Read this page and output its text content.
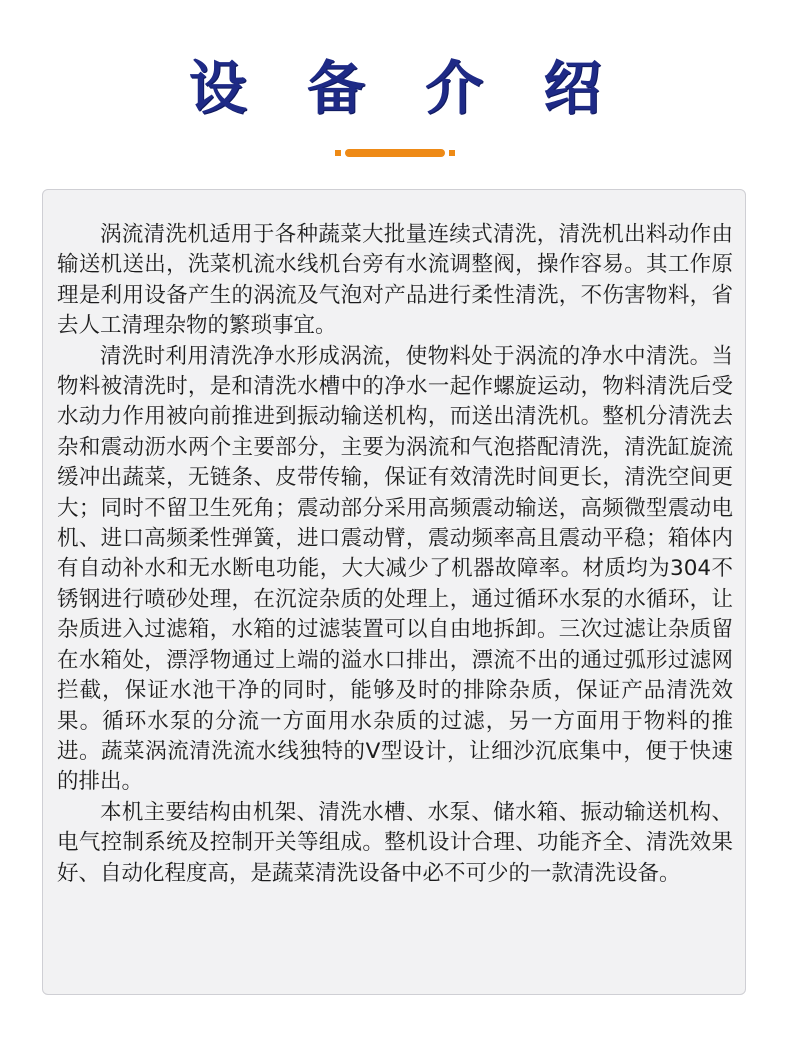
设 备 介 绍

涡流清洗机适用于各种蔬菜大批量连续式清洗，清洗机出料动作由输送机送出，洗菜机流水线机台旁有水流调整阀，操作容易。其工作原理是利用设备产生的涡流及气泡对产品进行柔性清洗，不伤害物料，省去人工清理杂物的繁琐事宜。

清洗时利用清洗净水形成涡流，使物料处于涡流的净水中清洗。当物料被清洗时，是和清洗水槽中的净水一起作螺旋运动，物料清洗后受水动力作用被向前推进到振动输送机构，而送出清洗机。整机分清洗去杂和震动沥水两个主要部分，主要为涡流和气泡搭配清洗，清洗缸旋流缓冲出蔬菜，无链条、皮带传输，保证有效清洗时间更长，清洗空间更大；同时不留卫生死角；震动部分采用高频震动输送，高频微型震动电机、进口高频柔性弹簧，进口震动臂，震动频率高且震动平稳；箱体内有自动补水和无水断电功能，大大减少了机器故障率。材质均为304不锈钢进行喷砂处理，在沉淀杂质的处理上，通过循环水泵的水循环，让杂质进入过滤箱，水箱的过滤装置可以自由地拆卸。三次过滤让杂质留在水箱处，漂浮物通过上端的溢水口排出，漂流不出的通过弧形过滤网拦截，保证水池干净的同时，能够及时的排除杂质，保证产品清洗效果。循环水泵的分流一方面用水杂质的过滤，另一方面用于物料的推进。蔬菜涡流清洗流水线独特的V型设计，让细沙沉底集中，便于快速的排出。

本机主要结构由机架、清洗水槽、水泵、储水箱、振动输送机构、电气控制系统及控制开关等组成。整机设计合理、功能齐全、清洗效果好、自动化程度高，是蔬菜清洗设备中必不可少的一款清洗设备。
